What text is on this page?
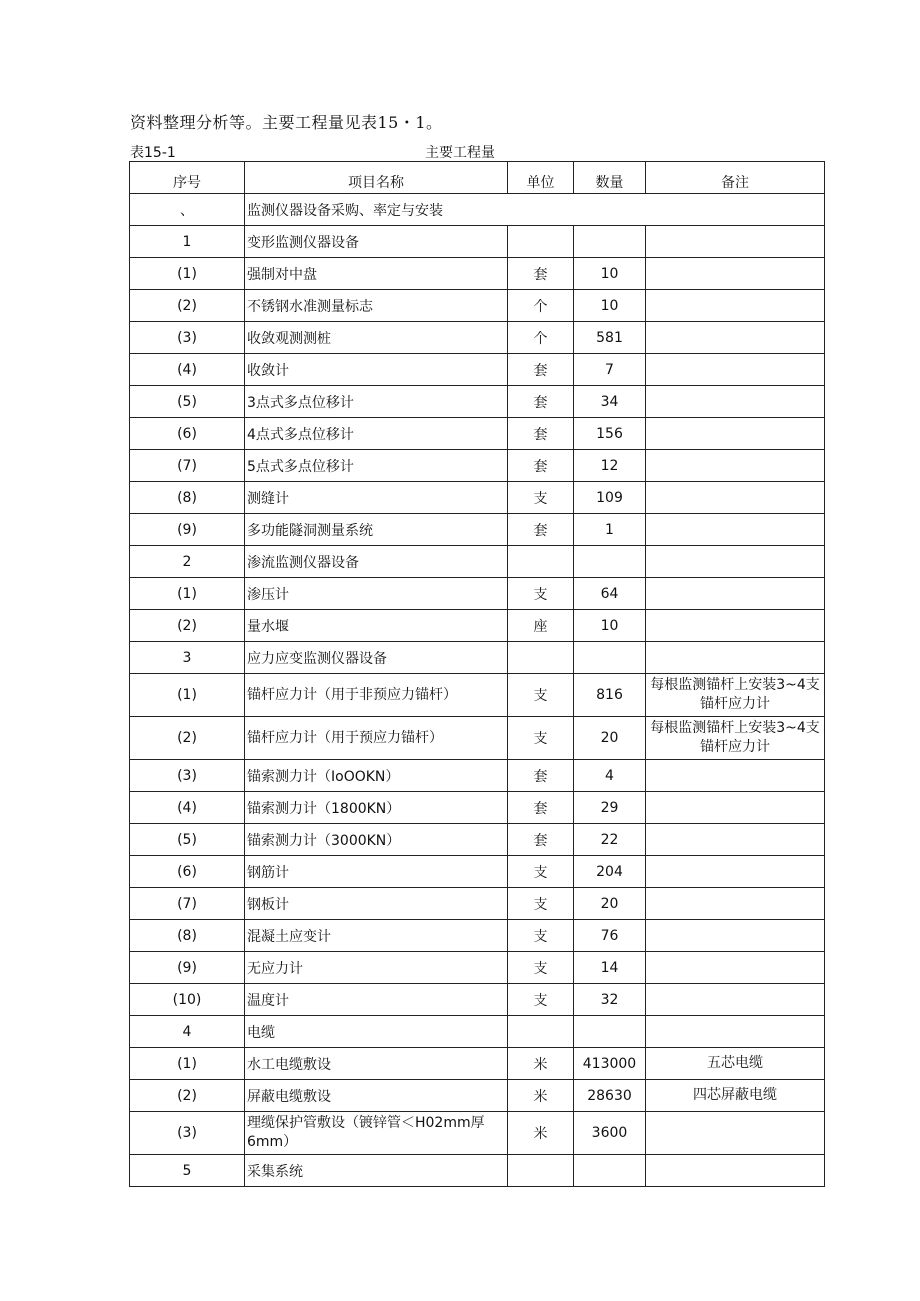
资料整理分析等。主要工程量见表15・1。
表15-1	主要工程量
序号	项目名称	单位	数量	备注
、	监测仪器设备采购、率定与安装			
1	变形监测仪器设备			
(1)	强制对中盘	套	10	
(2)	不锈钢水准测量标志	个	10	
(3)	收敛观测测桩	个	581	
(4)	收敛计	套	7	
(5)	3点式多点位移计	套	34	
(6)	4点式多点位移计	套	156	
(7)	5点式多点位移计	套	12	
(8)	测缝计	支	109	
(9)	多功能隧洞测量系统	套	1	
2	渗流监测仪器设备			
(1)	渗压计	支	64	
(2)	量水堰	座	10	
3	应力应变监测仪器设备			
(1)	锚杆应力计（用于非预应力锚杆）	支	816	每根监测锚杆上安装3~4支锚杆应力计
(2)	锚杆应力计（用于预应力锚杆）	支	20	每根监测锚杆上安装3~4支锚杆应力计
(3)	锚索测力计（IoOOKN）	套	4	
(4)	锚索测力计（1800KN）	套	29	
(5)	锚索测力计（3000KN）	套	22	
(6)	钢筋计	支	204	
(7)	钢板计	支	20	
(8)	混凝土应变计	支	76	
(9)	无应力计	支	14	
(10)	温度计	支	32	
4	电缆			
(1)	水工电缆敷设	米	413000	五芯电缆
(2)	屏蔽电缆敷设	米	28630	四芯屏蔽电缆
(3)	理缆保护管敷设（镀锌管＜H02mm厚6mm）	米	3600	
5	采集系统			
